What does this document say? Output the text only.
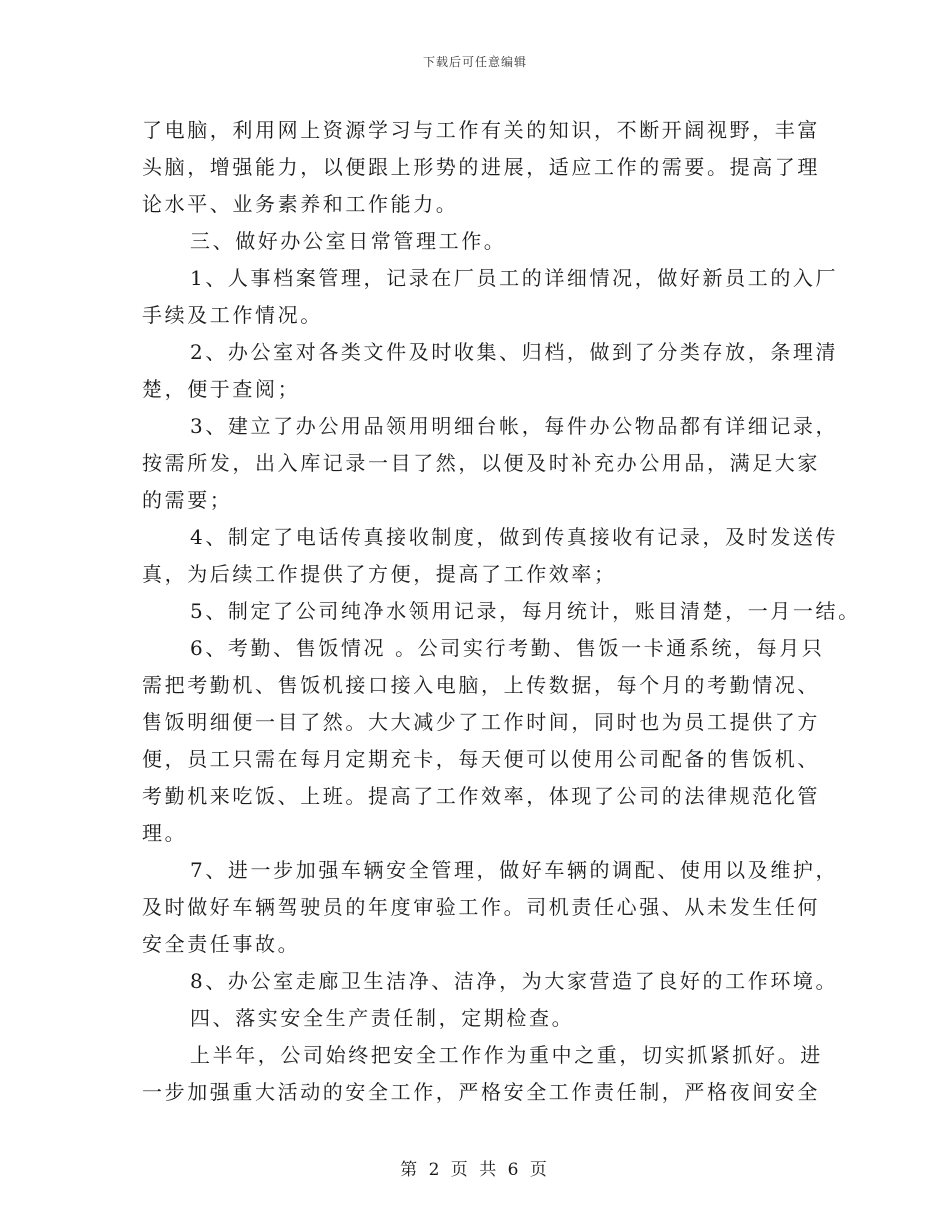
下载后可任意编辑
了电脑，利用网上资源学习与工作有关的知识，不断开阔视野，丰富
头脑，增强能力，以便跟上形势的进展，适应工作的需要。提高了理
论水平、业务素养和工作能力。
三、做好办公室日常管理工作。
1、人事档案管理，记录在厂员工的详细情况，做好新员工的入厂
手续及工作情况。
2、办公室对各类文件及时收集、归档，做到了分类存放，条理清
楚，便于查阅；
3、建立了办公用品领用明细台帐，每件办公物品都有详细记录，
按需所发，出入库记录一目了然，以便及时补充办公用品，满足大家
的需要；
4、制定了电话传真接收制度，做到传真接收有记录，及时发送传
真，为后续工作提供了方便，提高了工作效率；
5、制定了公司纯净水领用记录，每月统计，账目清楚，一月一结。
6、考勤、售饭情况 。公司实行考勤、售饭一卡通系统，每月只
需把考勤机、售饭机接口接入电脑，上传数据，每个月的考勤情况、
售饭明细便一目了然。大大减少了工作时间，同时也为员工提供了方
便，员工只需在每月定期充卡，每天便可以使用公司配备的售饭机、
考勤机来吃饭、上班。提高了工作效率，体现了公司的法律规范化管
理。
7、进一步加强车辆安全管理，做好车辆的调配、使用以及维护，
及时做好车辆驾驶员的年度审验工作。司机责任心强、从未发生任何
安全责任事故。
8、办公室走廊卫生洁净、洁净，为大家营造了良好的工作环境。
四、落实安全生产责任制，定期检查。
上半年，公司始终把安全工作作为重中之重，切实抓紧抓好。进
一步加强重大活动的安全工作，严格安全工作责任制，严格夜间安全
第 2 页 共 6 页
